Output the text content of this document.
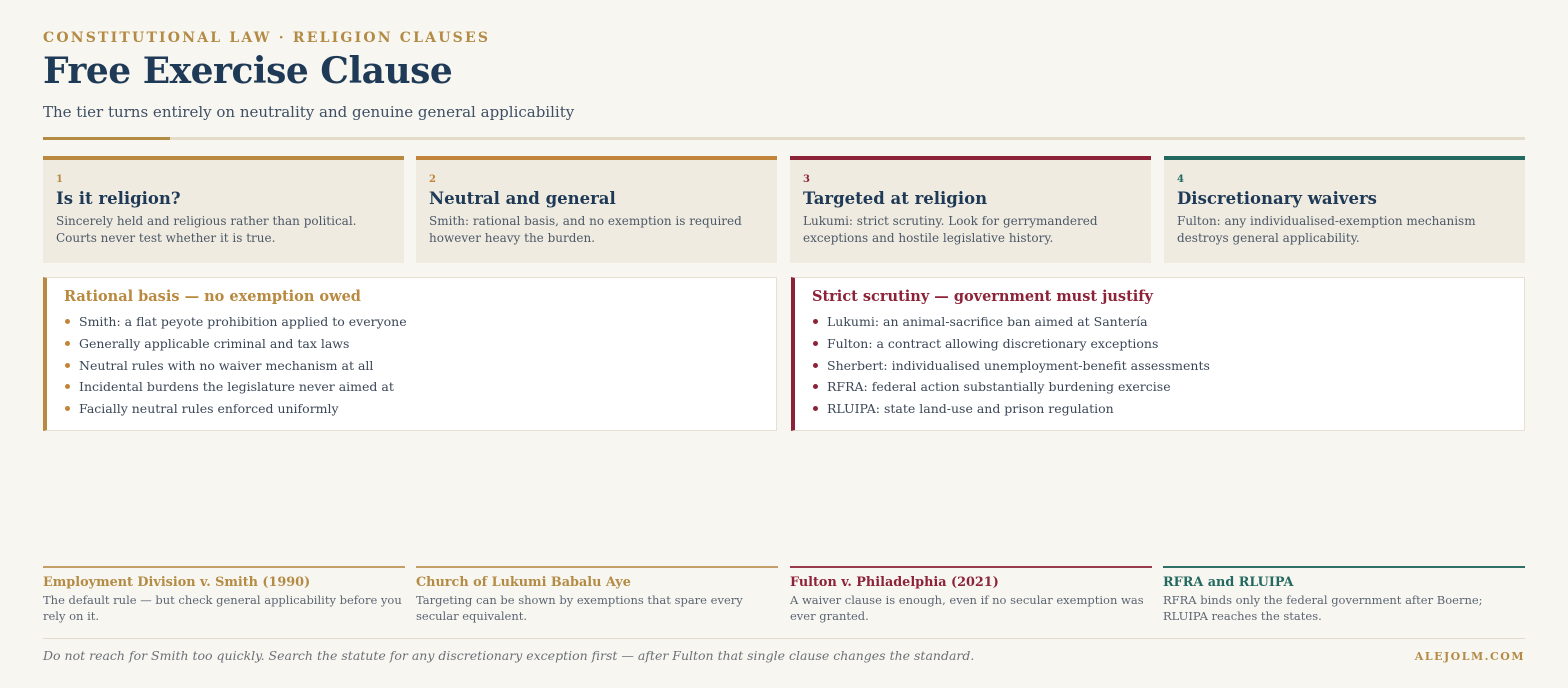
CONSTITUTIONAL LAW · RELIGION CLAUSES
Free Exercise Clause

The tier turns entirely on neutrality and genuine general applicability

1
Is it religion?
Sincerely held and religious rather than political. Courts never test whether it is true.
2
Neutral and general
Smith: rational basis, and no exemption is required however heavy the burden.
3
Targeted at religion
Lukumi: strict scrutiny. Look for gerrymandered exceptions and hostile legislative history.
4
Discretionary waivers
Fulton: any individualised-exemption mechanism destroys general applicability.
Rational basis — no exemption owed
Smith: a flat peyote prohibition applied to everyone
Generally applicable criminal and tax laws
Neutral rules with no waiver mechanism at all
Incidental burdens the legislature never aimed at
Facially neutral rules enforced uniformly
Strict scrutiny — government must justify
Lukumi: an animal-sacrifice ban aimed at Santería
Fulton: a contract allowing discretionary exceptions
Sherbert: individualised unemployment-benefit assessments
RFRA: federal action substantially burdening exercise
RLUIPA: state land-use and prison regulation
Employment Division v. Smith (1990)
The default rule — but check general applicability before you rely on it.
Church of Lukumi Babalu Aye
Targeting can be shown by exemptions that spare every secular equivalent.
Fulton v. Philadelphia (2021)
A waiver clause is enough, even if no secular exemption was ever granted.
RFRA and RLUIPA
RFRA binds only the federal government after Boerne; RLUIPA reaches the states.

Do not reach for Smith too quickly. Search the statute for any discretionary exception first — after Fulton that single clause changes the standard.	ALEJOLM.COM
